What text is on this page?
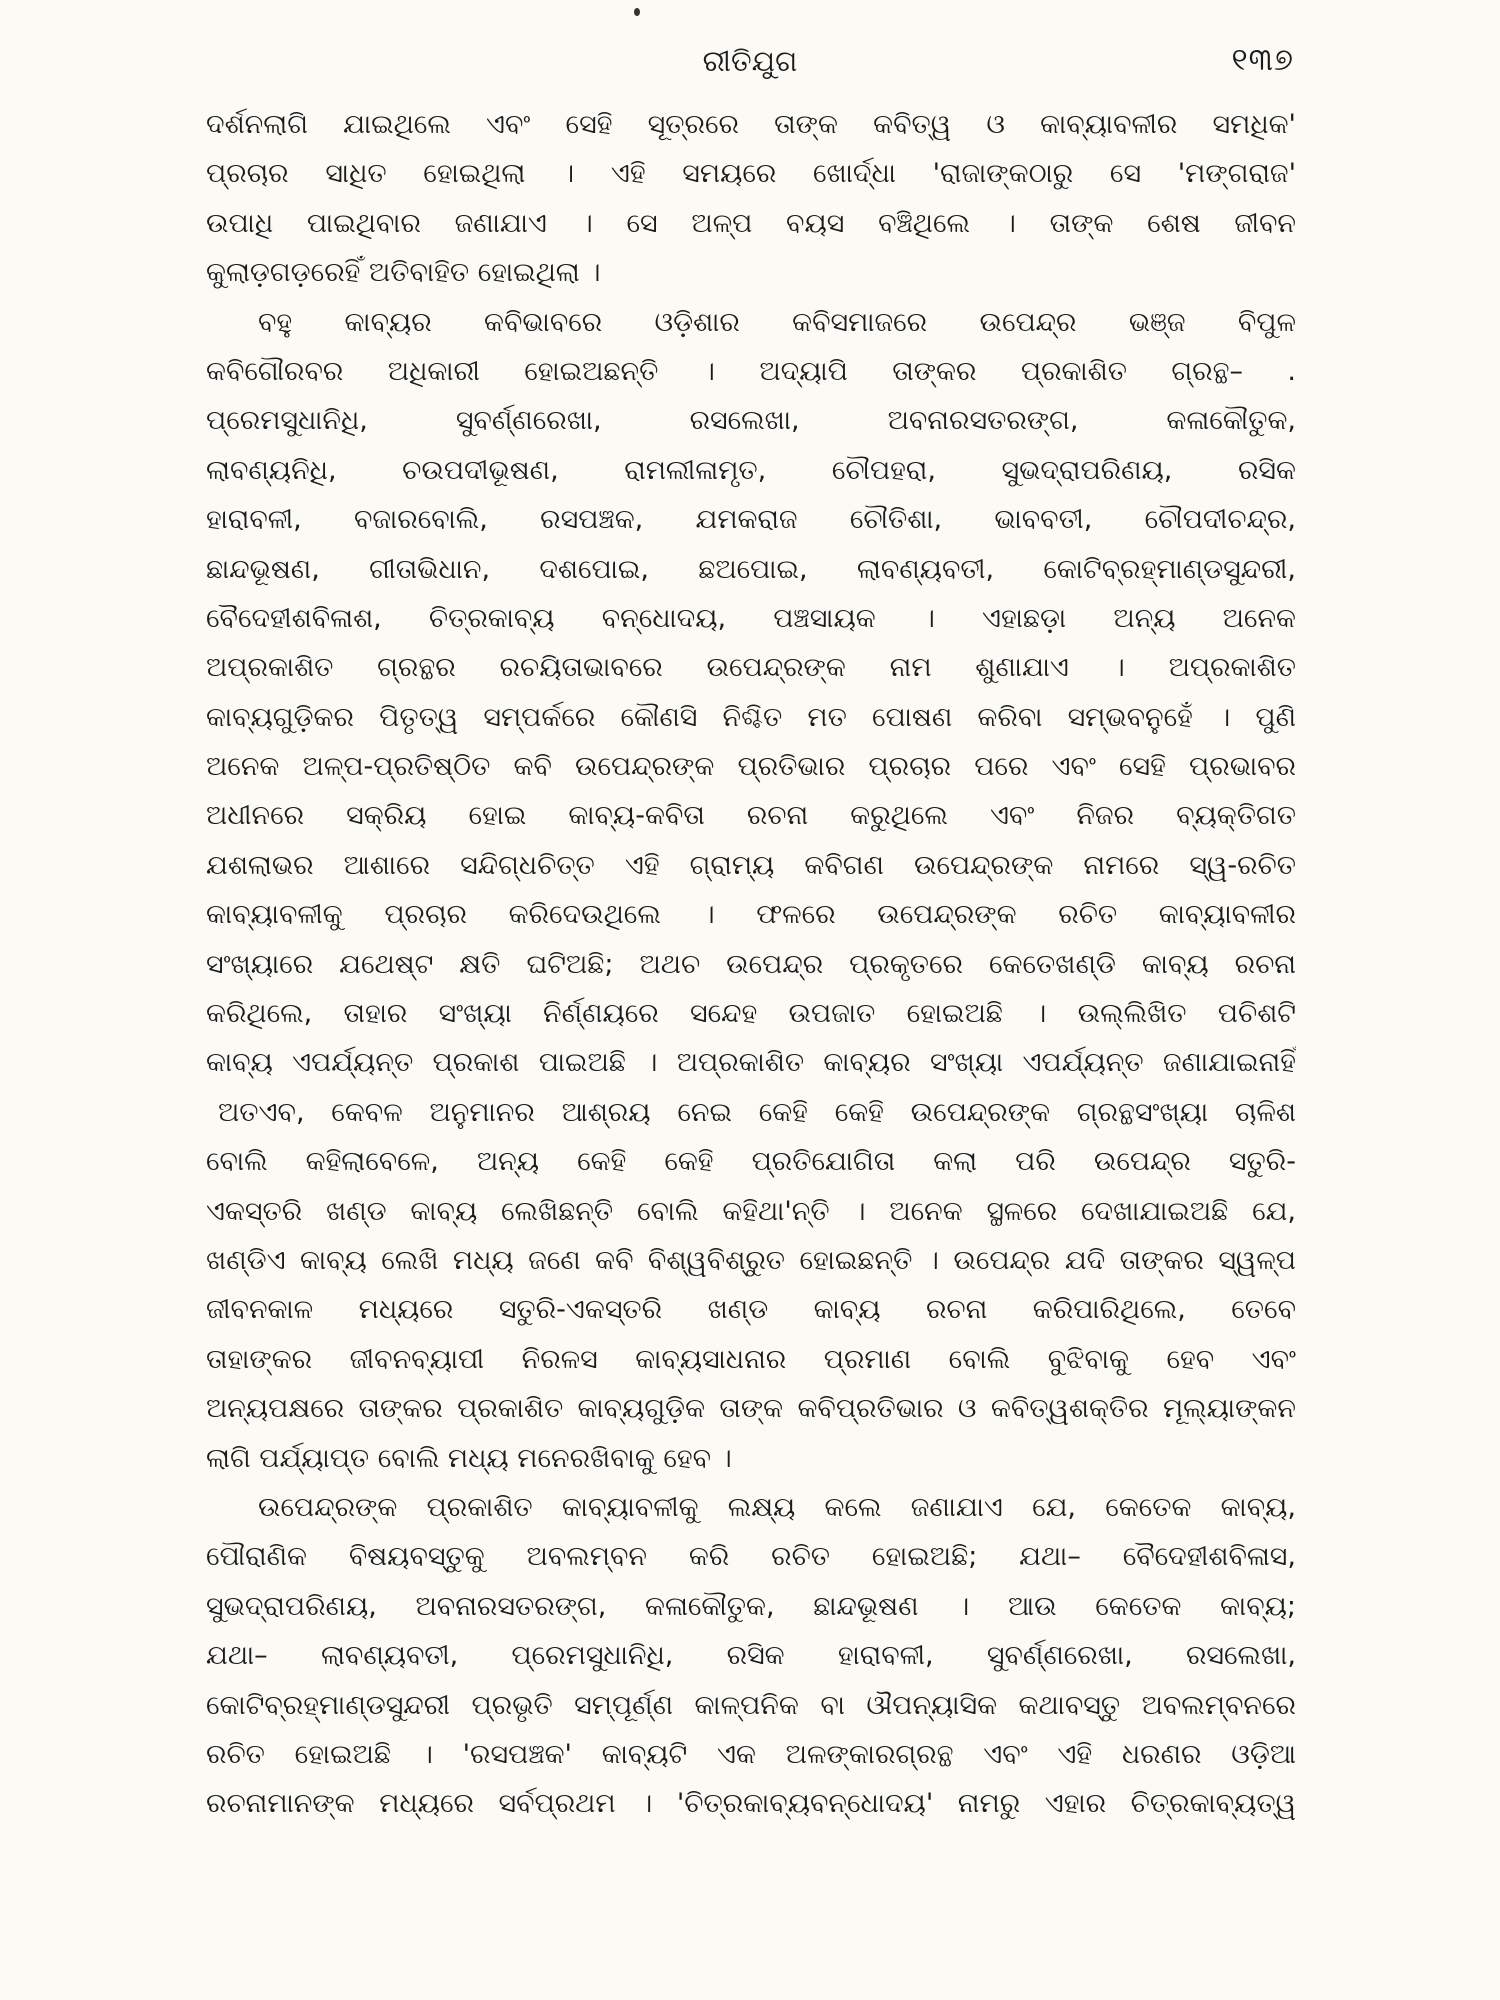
ରୀତିଯୁଗ	୧୩୭
ଦର୍ଶନଲାଗି ଯାଇଥିଲେ ଏବଂ ସେହି ସୂତ୍ରରେ ତାଙ୍କ କବିତ୍ୱ ଓ କାବ୍ୟାବଳୀର ସମଧିକ'
ପ୍ରଚାର ସାଧିତ ହୋଇଥିଲା । ଏହି ସମୟରେ ଖୋର୍ଦ୍ଧା 'ରାଜାଙ୍କଠାରୁ ସେ 'ମଙ୍ଗରାଜ'
ଉପାଧି ପାଇଥିବାର ଜଣାଯାଏ । ସେ ଅଳ୍ପ ବୟସ ବଞ୍ଚିଥିଲେ । ତାଙ୍କ ଶେଷ ଜୀବନ
କୁଲାଡ଼ଗଡ଼ରେହିଁ ଅତିବାହିତ ହୋଇଥିଲା ।
ବହୁ କାବ୍ୟର କବିଭାବରେ ଓଡ଼ିଶାର କବିସମାଜରେ ଉପେନ୍ଦ୍ର ଭଞ୍ଜ ବିପୁଳ
କବିଗୌରବର ଅଧିକାରୀ ହୋଇଅଛନ୍ତି । ଅଦ୍ୟାପି ତାଙ୍କର ପ୍ରକାଶିତ ଗ୍ରନ୍ଥ– .
ପ୍ରେମସୁଧାନିଧି, ସୁବର୍ଣ୍ଣରେଖା, ରସଲେଖା, ଅବନାରସତରଙ୍ଗ, କଳାକୌତୁକ,
ଲାବଣ୍ୟନିଧି, ଚଉପଦୀଭୂଷଣ, ରାମଲୀଳାମୃତ, ଚୌପହରା, ସୁଭଦ୍ରାପରିଣୟ, ରସିକ
ହାରାବଳୀ, ବଜାରବୋଲି, ରସପଞ୍ଚକ, ଯମକରାଜ ଚୌତିଶା, ଭାବବତୀ, ଚୌପଦୀଚନ୍ଦ୍ର,
ଛାନ୍ଦଭୂଷଣ, ଗୀତାଭିଧାନ, ଦଶପୋଇ, ଛଅପୋଇ, ଲାବଣ୍ୟବତୀ, କୋଟିବ୍ରହ୍ମାଣ୍ଡସୁନ୍ଦରୀ,
ବୈଦେହୀଶବିଳାଶ, ଚିତ୍ରକାବ୍ୟ ବନ୍ଧୋଦୟ, ପଞ୍ଚସାୟକ । ଏହାଛଡ଼ା ଅନ୍ୟ ଅନେକ
ଅପ୍ରକାଶିତ ଗ୍ରନ୍ଥର ରଚୟିତାଭାବରେ ଉପେନ୍ଦ୍ରଙ୍କ ନାମ ଶୁଣାଯାଏ । ଅପ୍ରକାଶିତ
କାବ୍ୟଗୁଡ଼ିକର ପିତୃତ୍ୱ ସମ୍ପର୍କରେ କୌଣସି ନିଶ୍ଚିତ ମତ ପୋଷଣ କରିବା ସମ୍ଭବନୁହେଁ । ପୁଣି
ଅନେକ ଅଳ୍ପ-ପ୍ରତିଷ୍ଠିତ କବି ଉପେନ୍ଦ୍ରଙ୍କ ପ୍ରତିଭାର ପ୍ରଚାର ପରେ ଏବଂ ସେହି ପ୍ରଭାବର
ଅଧୀନରେ ସକ୍ରିୟ ହୋଇ କାବ୍ୟ-କବିତା ରଚନା କରୁଥିଲେ ଏବଂ ନିଜର ବ୍ୟକ୍ତିଗତ
ଯଶଲାଭର ଆଶାରେ ସନ୍ଦିଗ୍ଧଚିତ୍ତ ଏହି ଗ୍ରାମ୍ୟ କବିଗଣ ଉପେନ୍ଦ୍ରଙ୍କ ନାମରେ ସ୍ୱ-ରଚିତ
କାବ୍ୟାବଳୀକୁ ପ୍ରଚାର କରିଦେଉଥିଲେ । ଫଳରେ ଉପେନ୍ଦ୍ରଙ୍କ ରଚିତ କାବ୍ୟାବଳୀର
ସଂଖ୍ୟାରେ ଯଥେଷ୍ଟ କ୍ଷତି ଘଟିଅଛି; ଅଥଚ ଉପେନ୍ଦ୍ର ପ୍ରକୃତରେ କେତେଖଣ୍ଡି କାବ୍ୟ ରଚନା
କରିଥିଲେ, ତାହାର ସଂଖ୍ୟା ନିର୍ଣ୍ଣୟରେ ସନ୍ଦେହ ଉପଜାତ ହୋଇଅଛି । ଉଲ୍ଲିଖିତ ପଚିଶଟି
କାବ୍ୟ ଏପର୍ଯ୍ୟନ୍ତ ପ୍ରକାଶ ପାଇଅଛି । ଅପ୍ରକାଶିତ କାବ୍ୟର ସଂଖ୍ୟା ଏପର୍ଯ୍ୟନ୍ତ ଜଣାଯାଇନାହିଁ
ଅତଏବ, କେବଳ ଅନୁମାନର ଆଶ୍ରୟ ନେଇ କେହି କେହି ଉପେନ୍ଦ୍ରଙ୍କ ଗ୍ରନ୍ଥସଂଖ୍ୟା ଚାଳିଶ
ବୋଲି କହିଲାବେଳେ, ଅନ୍ୟ କେହି କେହି ପ୍ରତିଯୋଗିତା କଲା ପରି ଉପେନ୍ଦ୍ର ସତୁରି-
ଏକସ୍ତରି ଖଣ୍ଡ କାବ୍ୟ ଲେଖିଛନ୍ତି ବୋଲି କହିଥା'ନ୍ତି । ଅନେକ ସ୍ଥଳରେ ଦେଖାଯାଇଅଛି ଯେ,
ଖଣ୍ଡିଏ କାବ୍ୟ ଲେଖି ମଧ୍ୟ ଜଣେ କବି ବିଶ୍ୱବିଶ୍ରୁତ ହୋଇଛନ୍ତି । ଉପେନ୍ଦ୍ର ଯଦି ତାଙ୍କର ସ୍ୱଳ୍ପ
ଜୀବନକାଳ ମଧ୍ୟରେ ସତୁରି-ଏକସ୍ତରି ଖଣ୍ଡ କାବ୍ୟ ରଚନା କରିପାରିଥିଲେ, ତେବେ
ତାହାଙ୍କର ଜୀବନବ୍ୟାପୀ ନିରଳସ କାବ୍ୟସାଧନାର ପ୍ରମାଣ ବୋଲି ବୁଝିବାକୁ ହେବ ଏବଂ
ଅନ୍ୟପକ୍ଷରେ ତାଙ୍କର ପ୍ରକାଶିତ କାବ୍ୟଗୁଡ଼ିକ ତାଙ୍କ କବିପ୍ରତିଭାର ଓ କବିତ୍ୱଶକ୍ତିର ମୂଲ୍ୟାଙ୍କନ
ଲାଗି ପର୍ଯ୍ୟାପ୍ତ ବୋଲି ମଧ୍ୟ ମନେରଖିବାକୁ ହେବ ।
ଉପେନ୍ଦ୍ରଙ୍କ ପ୍ରକାଶିତ କାବ୍ୟାବଳୀକୁ ଲକ୍ଷ୍ୟ କଲେ ଜଣାଯାଏ ଯେ, କେତେକ କାବ୍ୟ,
ପୌରାଣିକ ବିଷୟବସ୍ତୁକୁ ଅବଲମ୍ବନ କରି ରଚିତ ହୋଇଅଛି; ଯଥା– ବୈଦେହୀଶବିଳାସ,
ସୁଭଦ୍ରାପରିଣୟ, ଅବନାରସତରଙ୍ଗ, କଳାକୌତୁକ, ଛାନ୍ଦଭୂଷଣ । ଆଉ କେତେକ କାବ୍ୟ;
ଯଥା– ଲାବଣ୍ୟବତୀ, ପ୍ରେମସୁଧାନିଧି, ରସିକ ହାରାବଳୀ, ସୁବର୍ଣ୍ଣରେଖା, ରସଲେଖା,
କୋଟିବ୍ରହ୍ମାଣ୍ଡସୁନ୍ଦରୀ ପ୍ରଭୃତି ସମ୍ପୂର୍ଣ୍ଣ କାଳ୍ପନିକ ବା ଔପନ୍ୟାସିକ କଥାବସ୍ତୁ ଅବଲମ୍ବନରେ
ରଚିତ ହୋଇଅଛି । 'ରସପଞ୍ଚକ' କାବ୍ୟଟି ଏକ ଅଳଙ୍କାରଗ୍ରନ୍ଥ ଏବଂ ଏହି ଧରଣର ଓଡ଼ିଆ
ରଚନାମାନଙ୍କ ମଧ୍ୟରେ ସର୍ବପ୍ରଥମ । 'ଚିତ୍ରକାବ୍ୟବନ୍ଧୋଦୟ' ନାମରୁ ଏହାର ଚିତ୍ରକାବ୍ୟତ୍ୱ
